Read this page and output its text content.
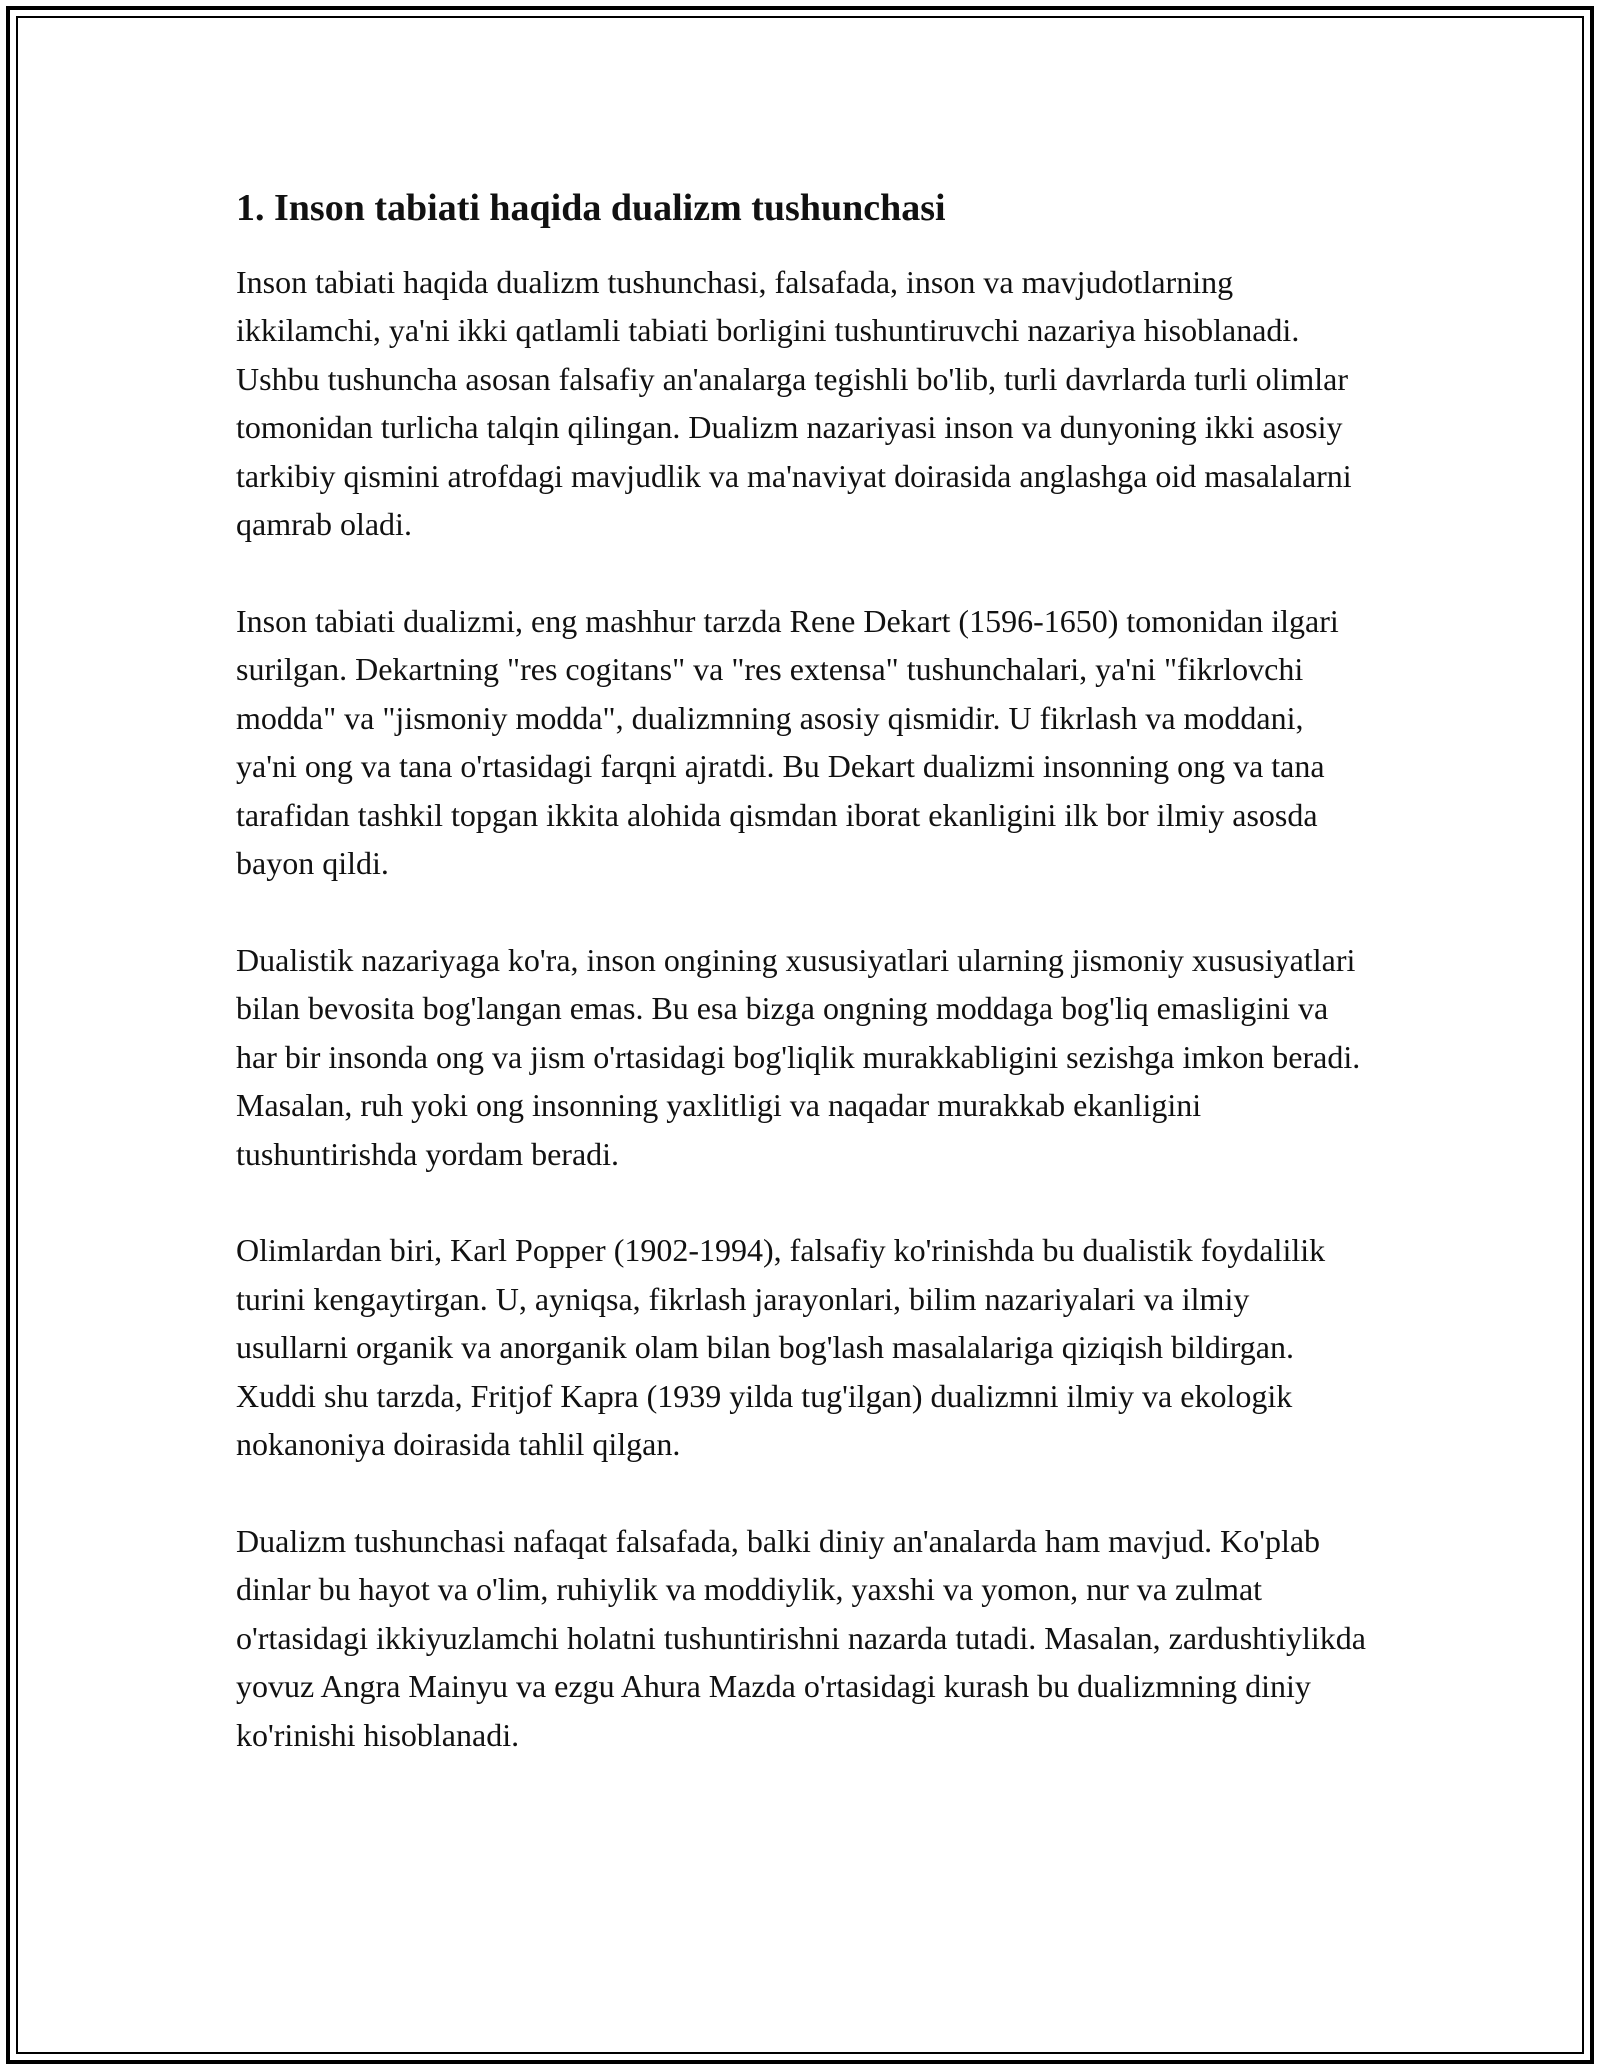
1. Inson tabiati haqida dualizm tushunchasi

Inson tabiati haqida dualizm tushunchasi, falsafada, inson va mavjudotlarning ikkilamchi, ya'ni ikki qatlamli tabiati borligini tushuntiruvchi nazariya hisoblanadi. Ushbu tushuncha asosan falsafiy an'analarga tegishli bo'lib, turli davrlarda turli olimlar tomonidan turlicha talqin qilingan. Dualizm nazariyasi inson va dunyoning ikki asosiy tarkibiy qismini atrofdagi mavjudlik va ma'naviyat doirasida anglashga oid masalalarni qamrab oladi.

Inson tabiati dualizmi, eng mashhur tarzda Rene Dekart (1596-1650) tomonidan ilgari surilgan. Dekartning "res cogitans" va "res extensa" tushunchalari, ya'ni "fikrlovchi modda" va "jismoniy modda", dualizmning asosiy qismidir. U fikrlash va moddani, ya'ni ong va tana o'rtasidagi farqni ajratdi. Bu Dekart dualizmi insonning ong va tana tarafidan tashkil topgan ikkita alohida qismdan iborat ekanligini ilk bor ilmiy asosda bayon qildi.

Dualistik nazariyaga ko'ra, inson ongining xususiyatlari ularning jismoniy xususiyatlari bilan bevosita bog'langan emas. Bu esa bizga ongning moddaga bog'liq emasligini va har bir insonda ong va jism o'rtasidagi bog'liqlik murakkabligini sezishga imkon beradi. Masalan, ruh yoki ong insonning yaxlitligi va naqadar murakkab ekanligini tushuntirishda yordam beradi.

Olimlardan biri, Karl Popper (1902-1994), falsafiy ko'rinishda bu dualistik foydalilik turini kengaytirgan. U, ayniqsa, fikrlash jarayonlari, bilim nazariyalari va ilmiy usullarni organik va anorganik olam bilan bog'lash masalalariga qiziqish bildirgan. Xuddi shu tarzda, Fritjof Kapra (1939 yilda tug'ilgan) dualizmni ilmiy va ekologik nokanoniya doirasida tahlil qilgan.

Dualizm tushunchasi nafaqat falsafada, balki diniy an'analarda ham mavjud. Ko'plab dinlar bu hayot va o'lim, ruhiylik va moddiylik, yaxshi va yomon, nur va zulmat o'rtasidagi ikkiyuzlamchi holatni tushuntirishni nazarda tutadi. Masalan, zardushtiylikda yovuz Angra Mainyu va ezgu Ahura Mazda o'rtasidagi kurash bu dualizmning diniy ko'rinishi hisoblanadi.
